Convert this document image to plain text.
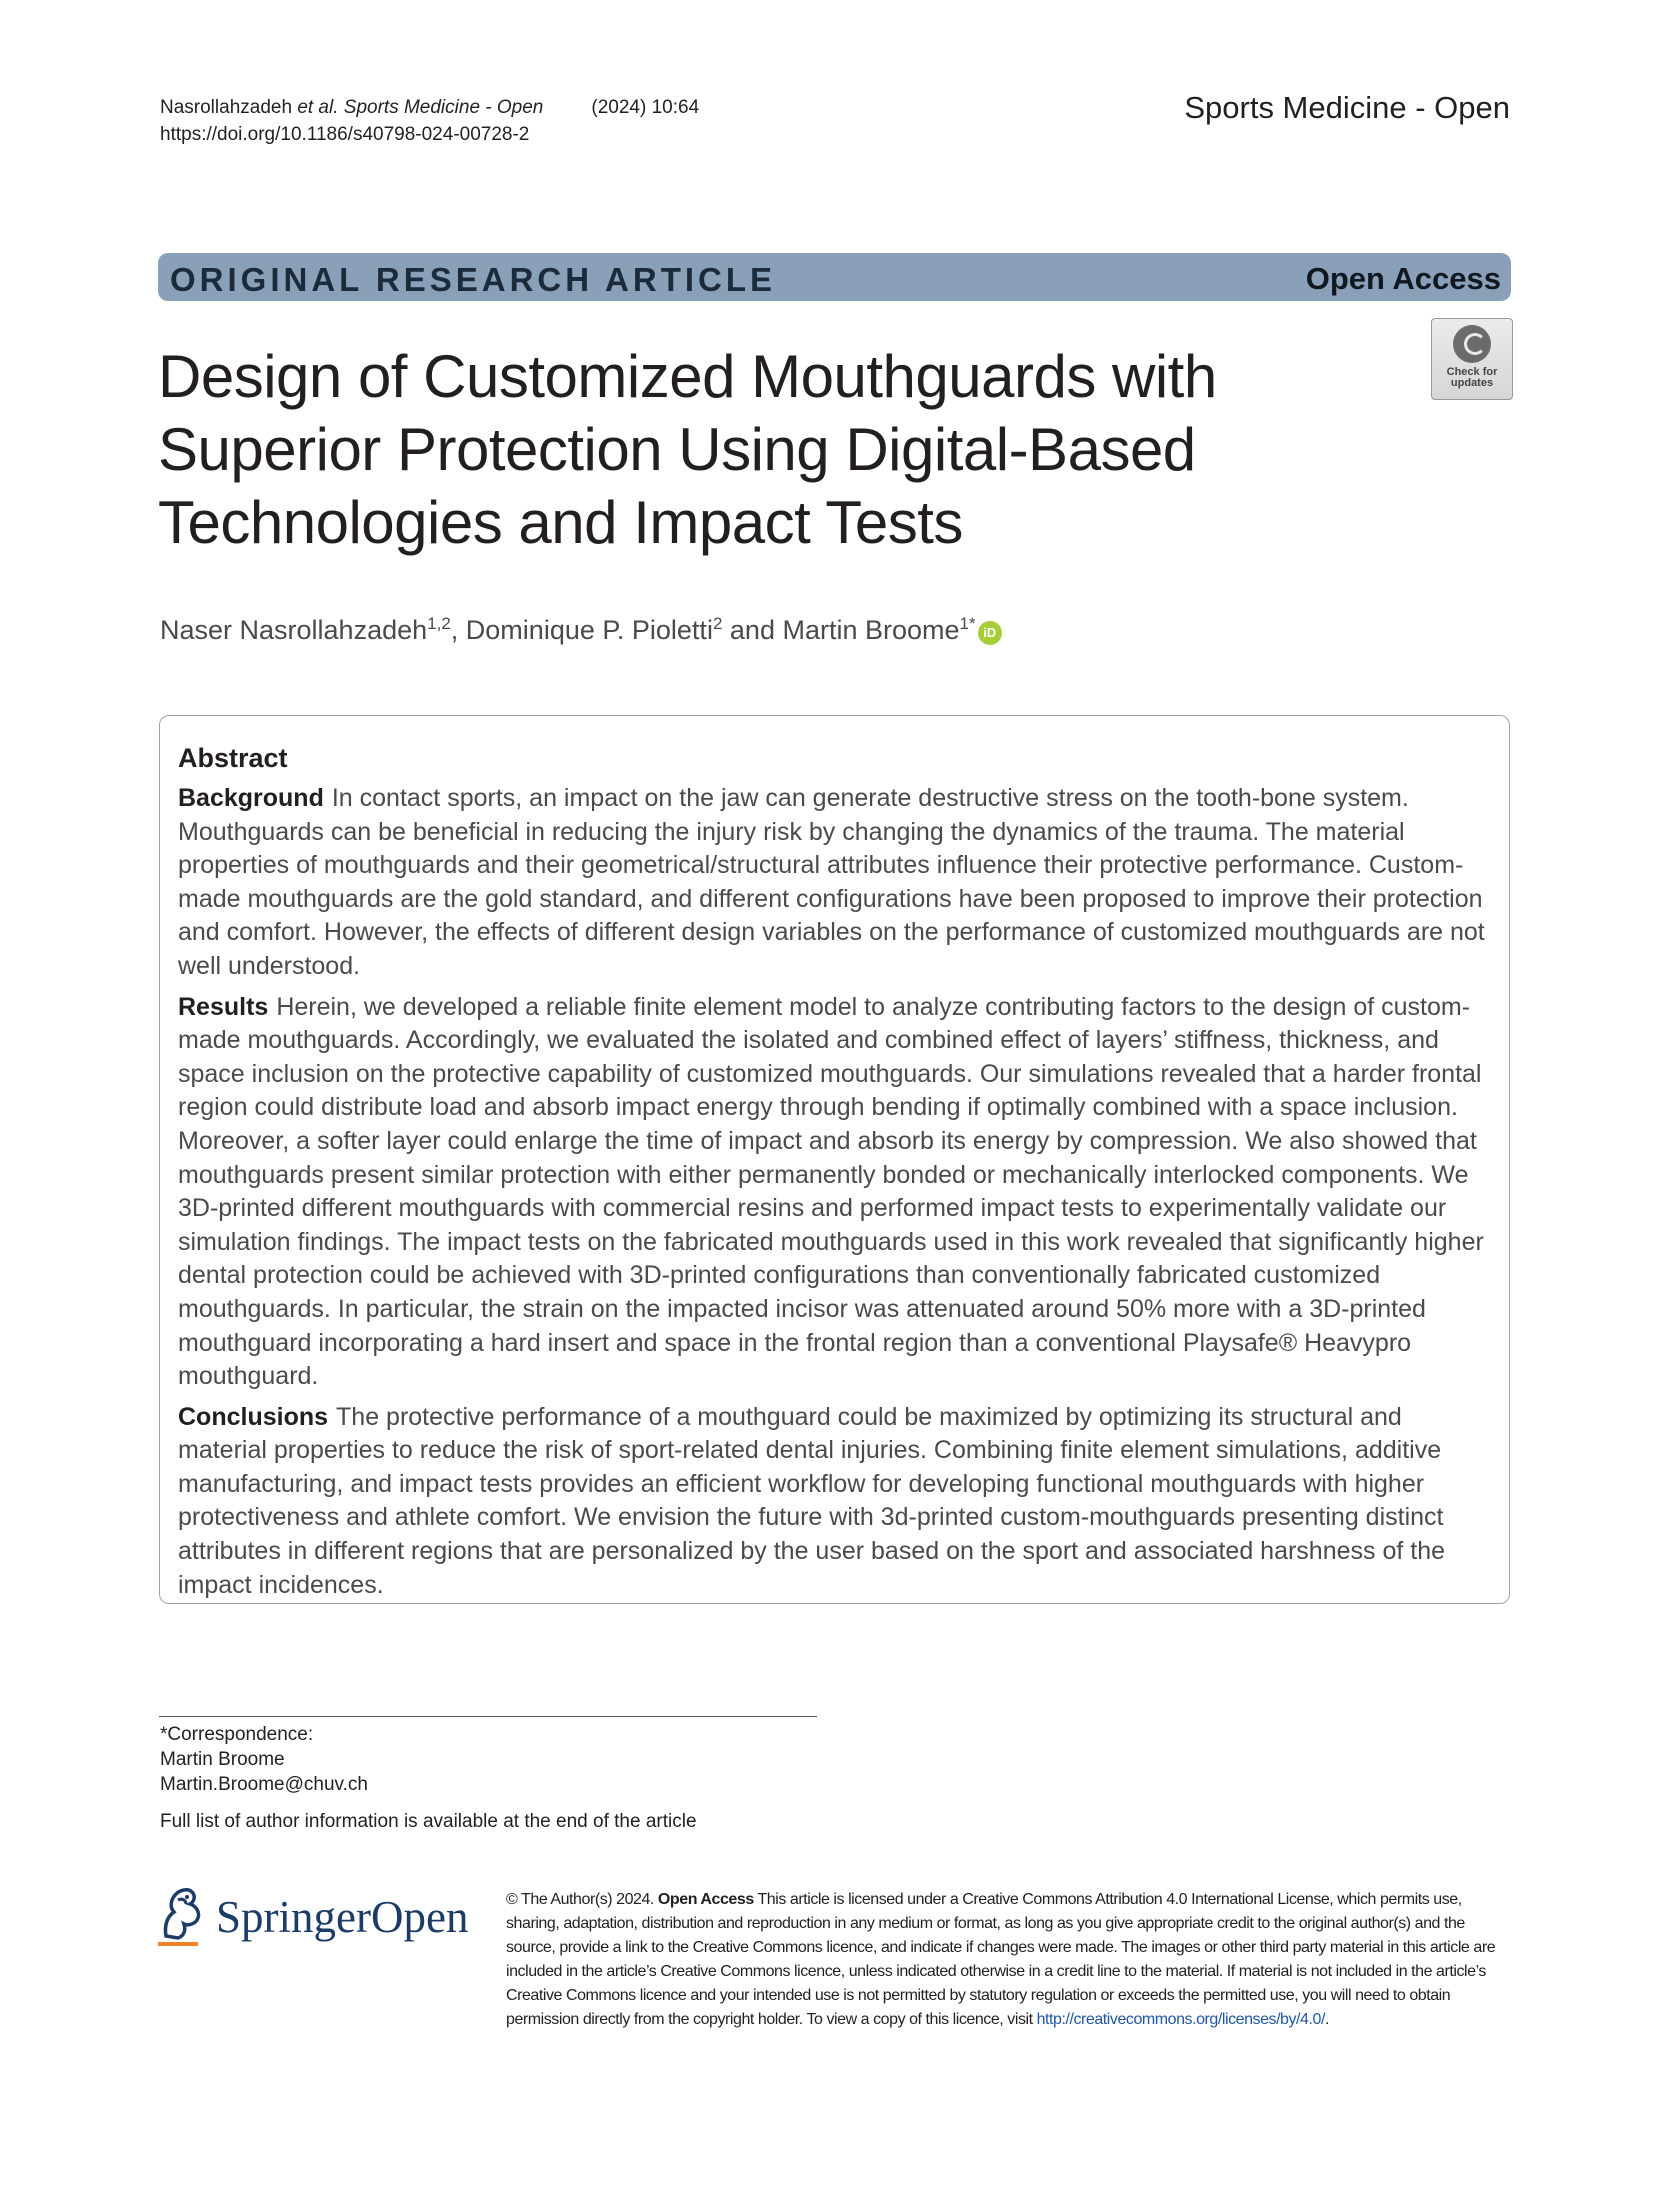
Nasrollahzadeh et al. Sports Medicine - Open	(2024) 10:64
https://doi.org/10.1186/s40798-024-00728-2
Sports Medicine - Open
ORIGINAL RESEARCH ARTICLE	Open Access
Check for updates
Design of Customized Mouthguards with Superior Protection Using Digital-Based Technologies and Impact Tests
Naser Nasrollahzadeh$^{1,2}$, Dominique P. Pioletti$^2$ and Martin Broome$^{1*}$ iD
Abstract

Background In contact sports, an impact on the jaw can generate destructive stress on the tooth-bone system. Mouthguards can be beneficial in reducing the injury risk by changing the dynamics of the trauma. The material properties of mouthguards and their geometrical/structural attributes influence their protective performance. Custom-made mouthguards are the gold standard, and different configurations have been proposed to improve their protection and comfort. However, the effects of different design variables on the performance of customized mouthguards are not well understood.

Results Herein, we developed a reliable finite element model to analyze contributing factors to the design of custom-made mouthguards. Accordingly, we evaluated the isolated and combined effect of layers’ stiffness, thickness, and space inclusion on the protective capability of customized mouthguards. Our simulations revealed that a harder frontal region could distribute load and absorb impact energy through bending if optimally combined with a space inclusion. Moreover, a softer layer could enlarge the time of impact and absorb its energy by compression. We also showed that mouthguards present similar protection with either permanently bonded or mechanically interlocked components. We 3D-printed different mouthguards with commercial resins and performed impact tests to experimentally validate our simulation findings. The impact tests on the fabricated mouthguards used in this work revealed that significantly higher dental protection could be achieved with 3D-printed configurations than conventionally fabricated customized mouthguards. In particular, the strain on the impacted incisor was attenuated around 50% more with a 3D-printed mouthguard incorporating a hard insert and space in the frontal region than a conventional Playsafe® Heavypro mouthguard.

Conclusions The protective performance of a mouthguard could be maximized by optimizing its structural and material properties to reduce the risk of sport-related dental injuries. Combining finite element simulations, additive manufacturing, and impact tests provides an efficient workflow for developing functional mouthguards with higher protectiveness and athlete comfort. We envision the future with 3d-printed custom-mouthguards presenting distinct attributes in different regions that are personalized by the user based on the sport and associated harshness of the impact incidences.

*Correspondence:
Martin Broome
Martin.Broome@chuv.ch
Full list of author information is available at the end of the article
SpringerOpen © The Author(s) 2024. Open Access This article is licensed under a Creative Commons Attribution 4.0 International License, which permits use, sharing, adaptation, distribution and reproduction in any medium or format, as long as you give appropriate credit to the original author(s) and the source, provide a link to the Creative Commons licence, and indicate if changes were made. The images or other third party material in this article are included in the article’s Creative Commons licence, unless indicated otherwise in a credit line to the material. If material is not included in the article’s Creative Commons licence and your intended use is not permitted by statutory regulation or exceeds the permitted use, you will need to obtain permission directly from the copyright holder. To view a copy of this licence, visit http://creativecommons.org/licenses/by/4.0/.
